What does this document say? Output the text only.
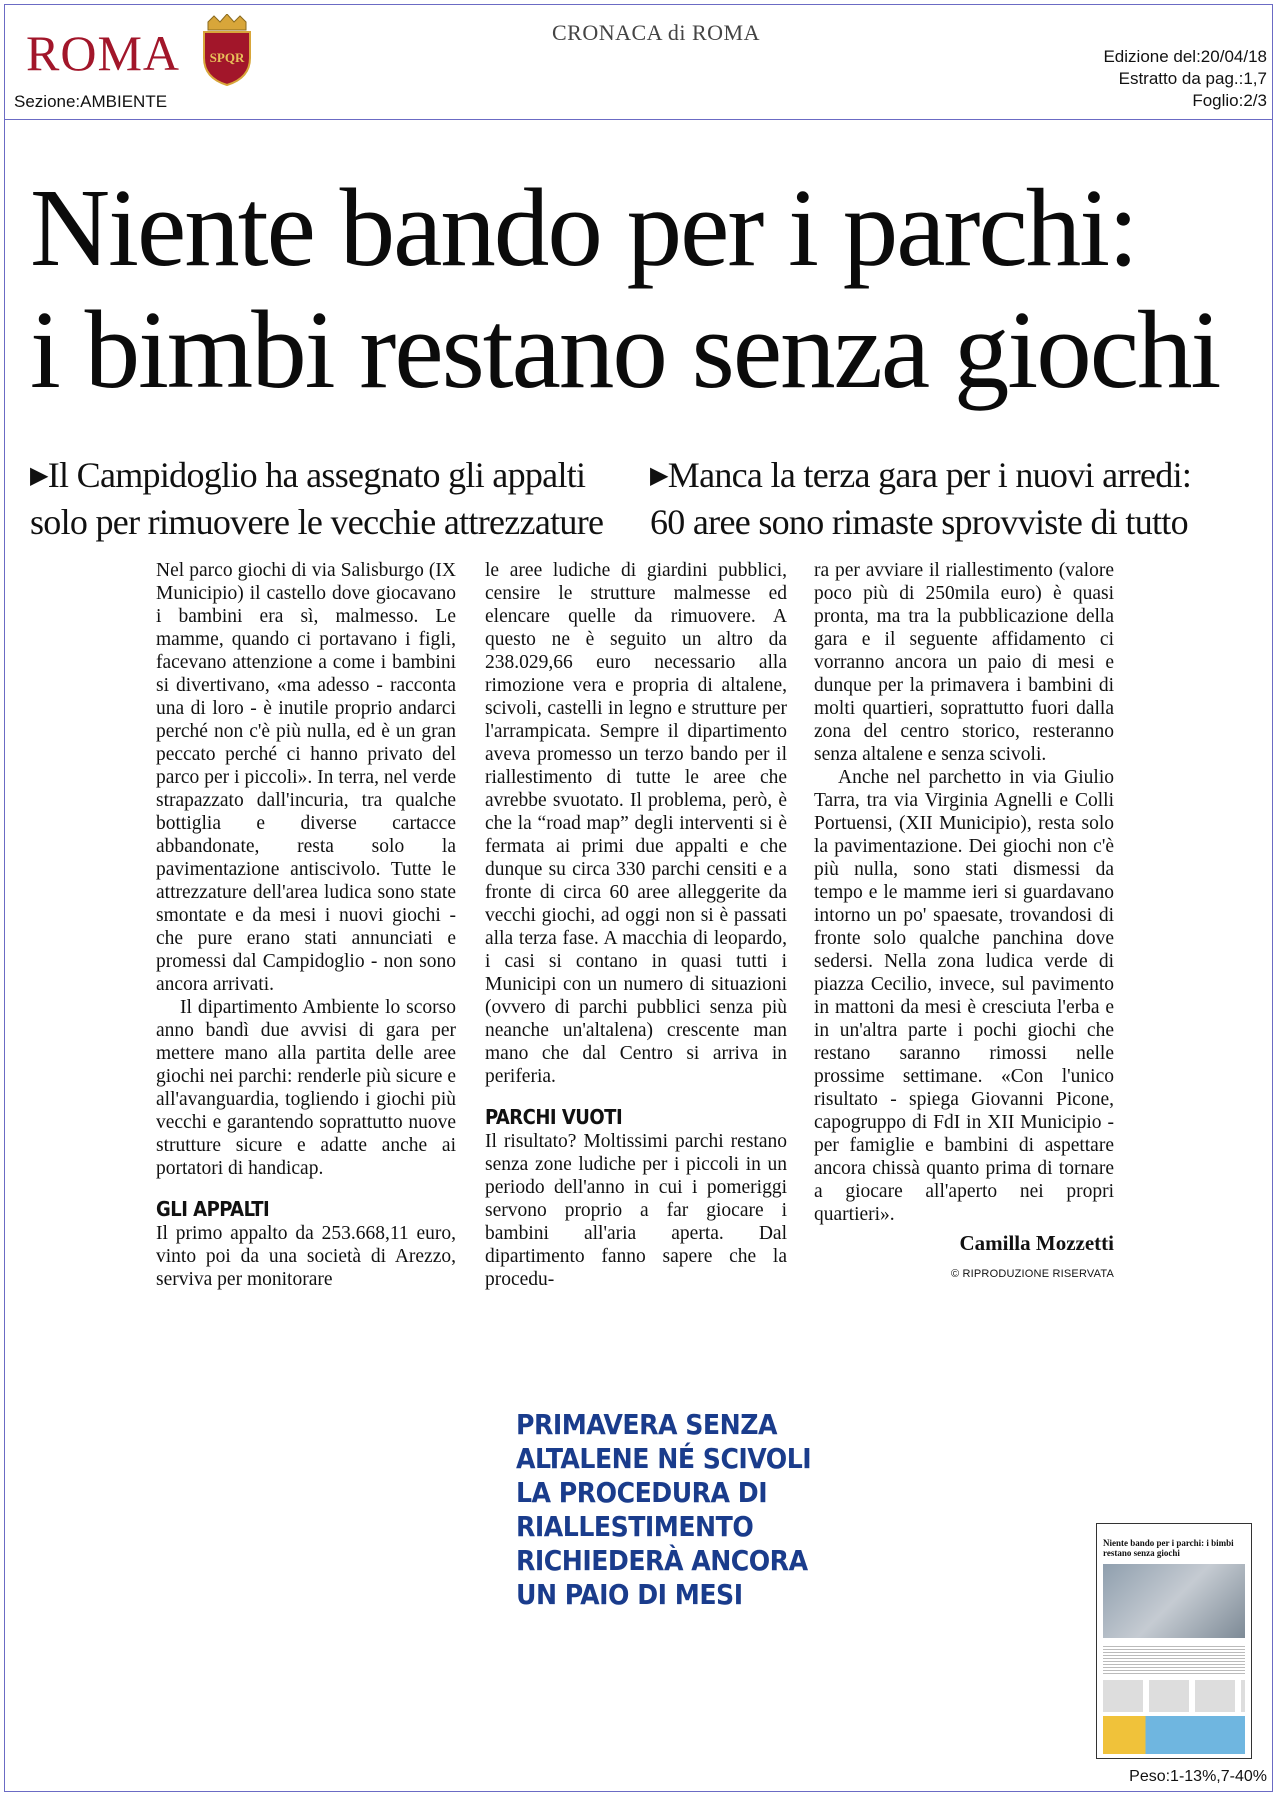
ROMA SPQR
Sezione:AMBIENTE
CRONACA di ROMA
Edizione del:20/04/18
Estratto da pag.:1,7
Foglio:2/3
Niente bando per i parchi:
i bimbi restano senza giochi
▶Il Campidoglio ha assegnato gli appalti
solo per rimuovere le vecchie attrezzature
▶Manca la terza gara per i nuovi arredi:
60 aree sono rimaste sprovviste di tutto

Nel parco giochi di via Salisburgo (IX Municipio) il castello dove giocavano i bambini era sì, malmesso. Le mamme, quando ci portavano i figli, facevano attenzione a come i bambini si divertivano, «ma adesso - racconta una di loro - è inutile proprio andarci perché non c'è più nulla, ed è un gran peccato perché ci hanno privato del parco per i piccoli». In terra, nel verde strapazzato dall'incuria, tra qualche bottiglia e diverse cartacce abbandonate, resta solo la pavimentazione antiscivolo. Tutte le attrezzature dell'area ludica sono state smontate e da mesi i nuovi giochi - che pure erano stati annunciati e promessi dal Campidoglio - non sono ancora arrivati.

Il dipartimento Ambiente lo scorso anno bandì due avvisi di gara per mettere mano alla partita delle aree giochi nei parchi: renderle più sicure e all'avanguardia, togliendo i giochi più vecchi e garantendo soprattutto nuove strutture sicure e adatte anche ai portatori di handicap.

GLI APPALTI

Il primo appalto da 253.668,11 euro, vinto poi da una società di Arezzo, serviva per monitorare

le aree ludiche di giardini pubblici, censire le strutture malmesse ed elencare quelle da rimuovere. A questo ne è seguito un altro da 238.029,66 euro necessario alla rimozione vera e propria di altalene, scivoli, castelli in legno e strutture per l'arrampicata. Sempre il dipartimento aveva promesso un terzo bando per il riallestimento di tutte le aree che avrebbe svuotato. Il problema, però, è che la “road map” degli interventi si è fermata ai primi due appalti e che dunque su circa 330 parchi censiti e a fronte di circa 60 aree alleggerite da vecchi giochi, ad oggi non si è passati alla terza fase. A macchia di leopardo, i casi si contano in quasi tutti i Municipi con un numero di situazioni (ovvero di parchi pubblici senza più neanche un'altalena) crescente man mano che dal Centro si arriva in periferia.

PARCHI VUOTI

Il risultato? Moltissimi parchi restano senza zone ludiche per i piccoli in un periodo dell'anno in cui i pomeriggi servono proprio a far giocare i bambini all'aria aperta. Dal dipartimento fanno sapere che la procedu-

ra per avviare il riallestimento (valore poco più di 250mila euro) è quasi pronta, ma tra la pubblicazione della gara e il seguente affidamento ci vorranno ancora un paio di mesi e dunque per la primavera i bambini di molti quartieri, soprattutto fuori dalla zona del centro storico, resteranno senza altalene e senza scivoli.

Anche nel parchetto in via Giulio Tarra, tra via Virginia Agnelli e Colli Portuensi, (XII Municipio), resta solo la pavimentazione. Dei giochi non c'è più nulla, sono stati dismessi da tempo e le mamme ieri si guardavano intorno un po' spaesate, trovandosi di fronte solo qualche panchina dove sedersi. Nella zona ludica verde di piazza Cecilio, invece, sul pavimento in mattoni da mesi è cresciuta l'erba e in un'altra parte i pochi giochi che restano saranno rimossi nelle prossime settimane. «Con l'unico risultato - spiega Giovanni Picone, capogruppo di FdI in XII Municipio - per famiglie e bambini di aspettare ancora chissà quanto prima di tornare a giocare all'aperto nei propri quartieri».

Camilla Mozzetti
© RIPRODUZIONE RISERVATA
PRIMAVERA SENZA ALTALENE NÉ SCIVOLI LA PROCEDURA DI RIALLESTIMENTO RICHIEDERÀ ANCORA UN PAIO DI MESI
Niente bando per i parchi: i bimbi restano senza giochi
Peso:1-13%,7-40%
